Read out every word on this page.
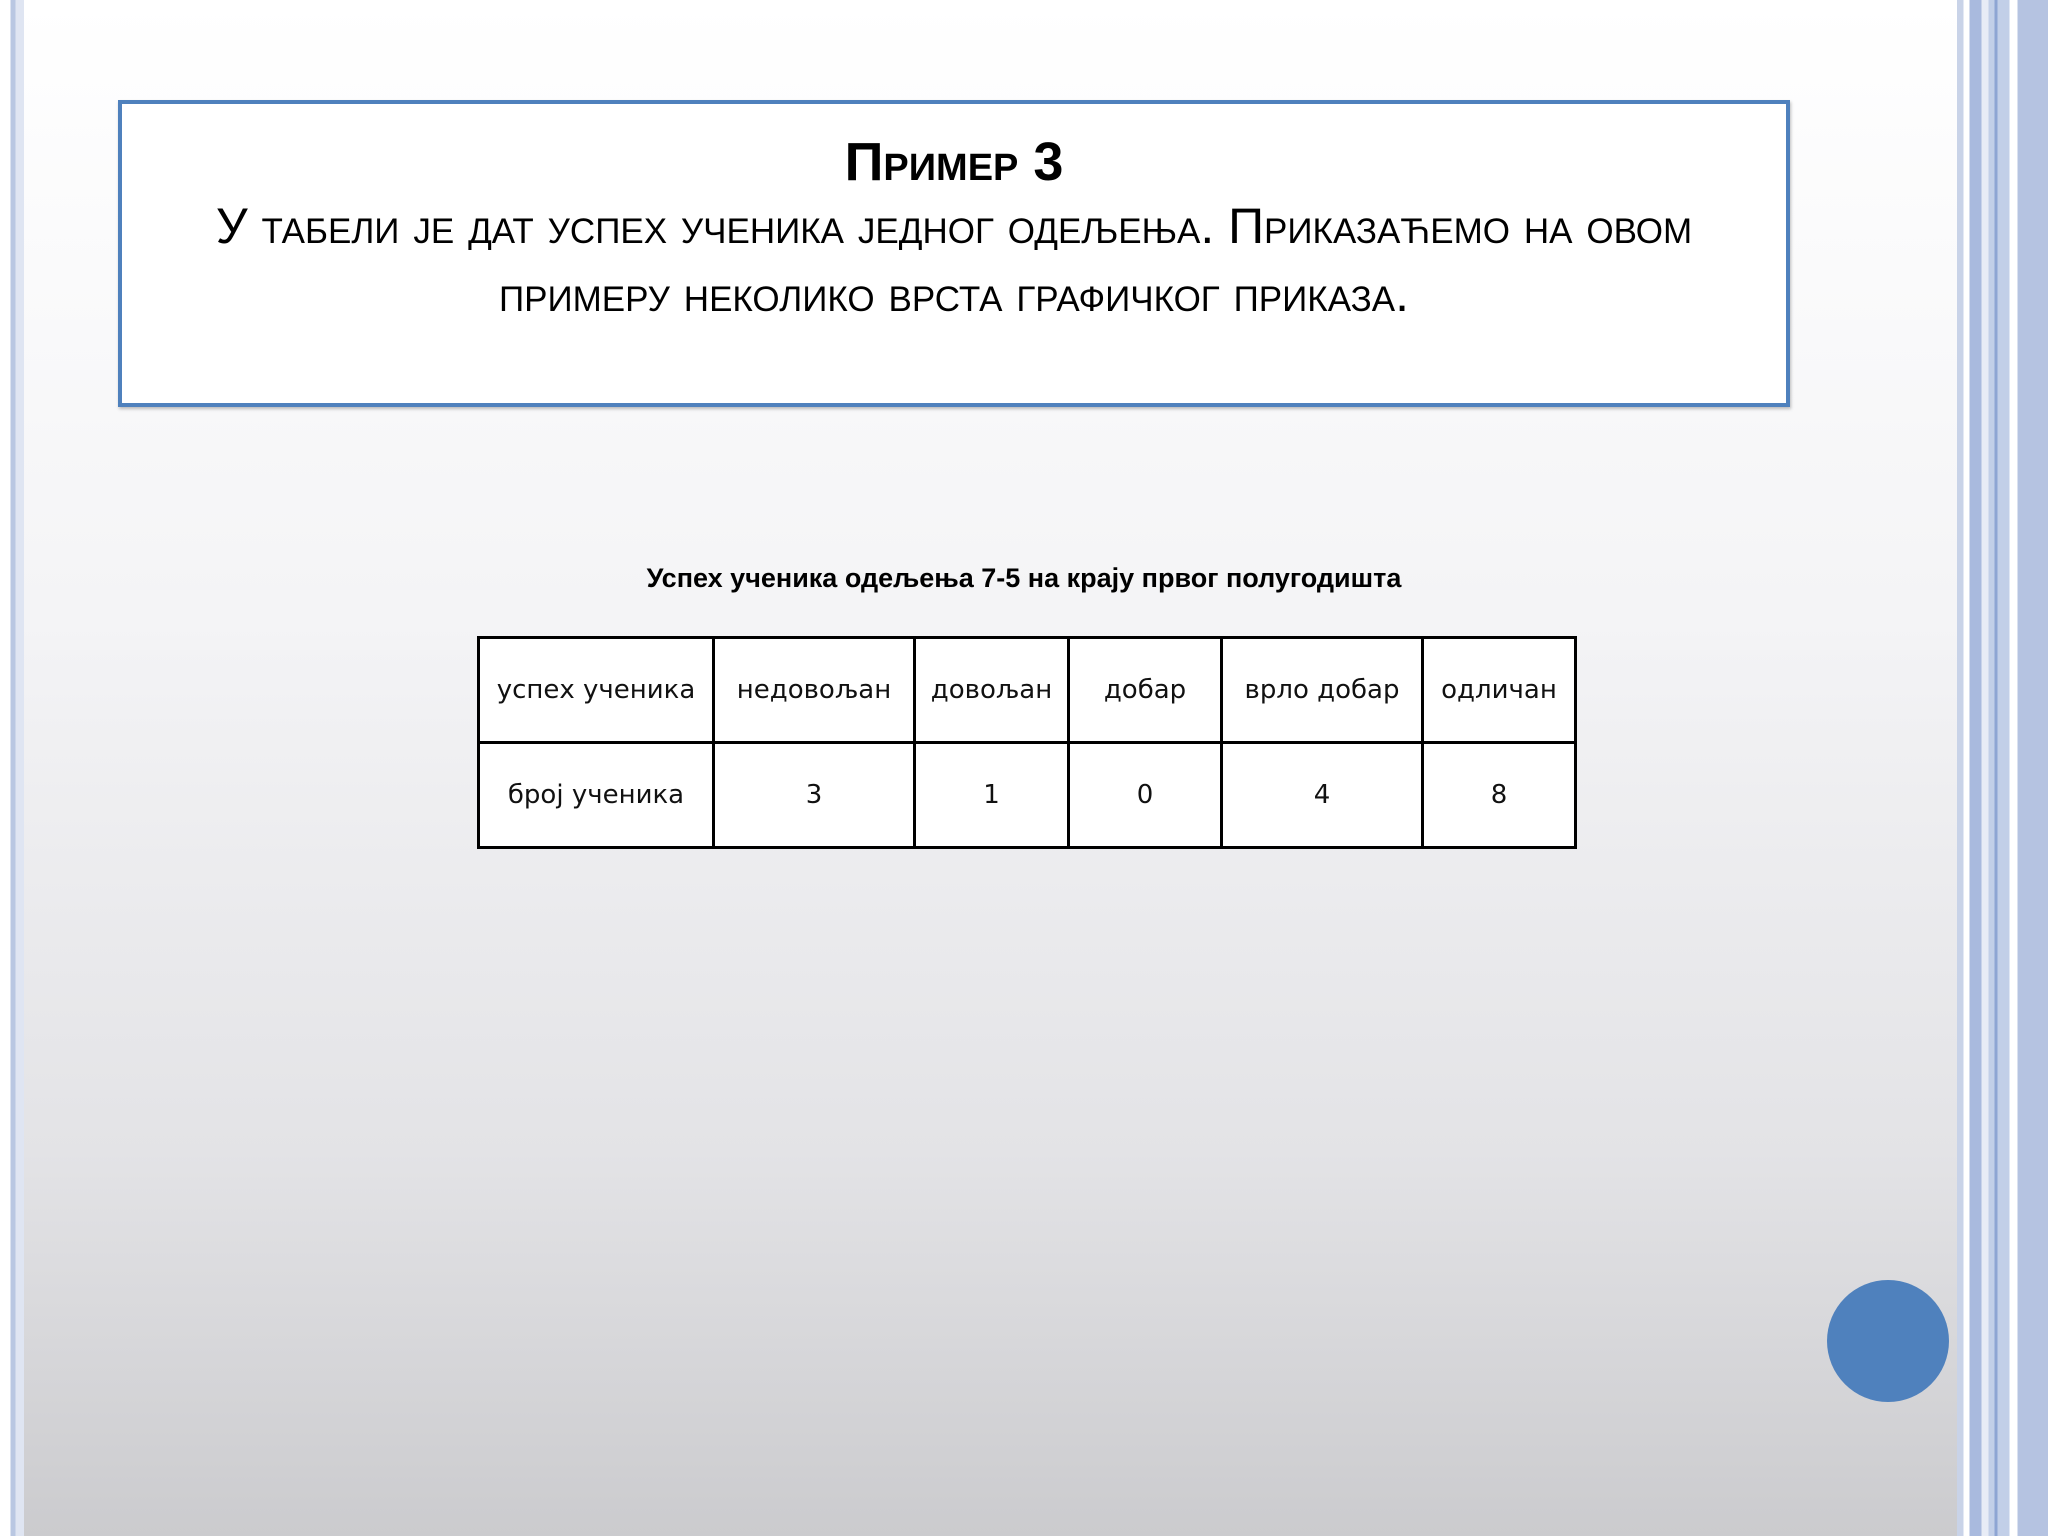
Пример 3
У табели је дат успех ученика једног одељења. Приказаћемо на овом примеру неколико врста графичког приказа.
Успех ученика одељења 7-5 на крају првог полугодишта
успех ученика	недовољан	довољан	добар	врло добар	одличан
број ученика	3	1	0	4	8
